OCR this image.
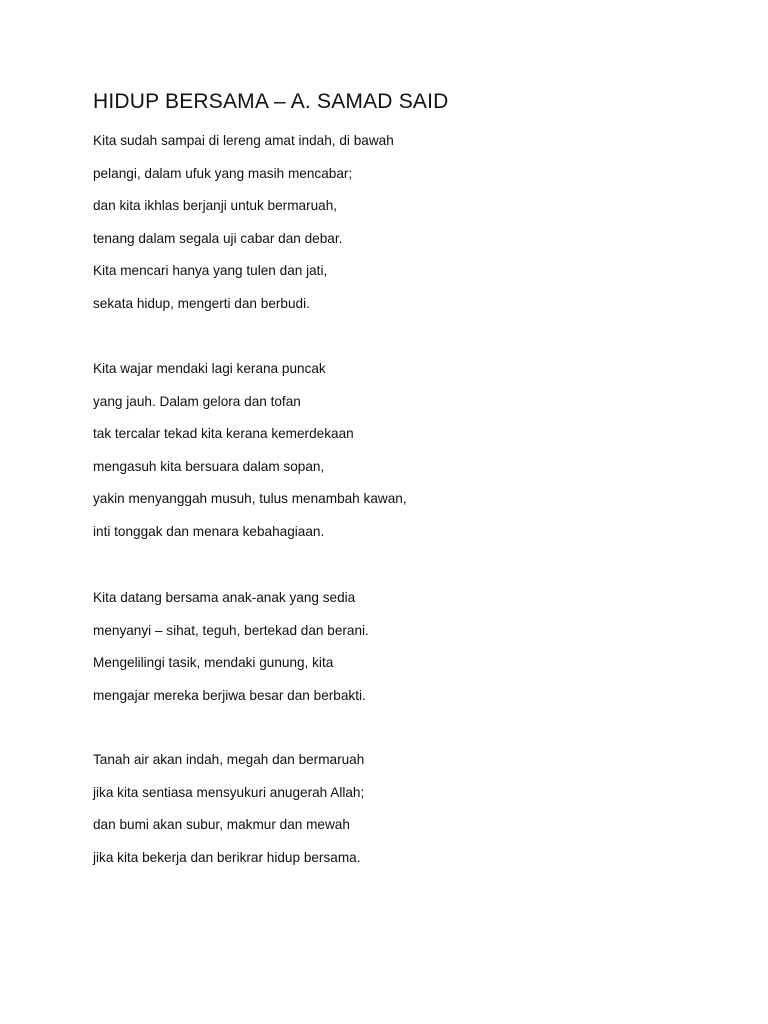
HIDUP BERSAMA – A. SAMAD SAID
Kita sudah sampai di lereng amat indah, di bawah
pelangi, dalam ufuk yang masih mencabar;
dan kita ikhlas berjanji untuk bermaruah,
tenang dalam segala uji cabar dan debar.
Kita mencari hanya yang tulen dan jati,
sekata hidup, mengerti dan berbudi.
Kita wajar mendaki lagi kerana puncak
yang jauh. Dalam gelora dan tofan
tak tercalar tekad kita kerana kemerdekaan
mengasuh kita bersuara dalam sopan,
yakin menyanggah musuh, tulus menambah kawan,
inti tonggak dan menara kebahagiaan.
Kita datang bersama anak-anak yang sedia
menyanyi – sihat, teguh, bertekad dan berani.
Mengelilingi tasik, mendaki gunung, kita
mengajar mereka berjiwa besar dan berbakti.
Tanah air akan indah, megah dan bermaruah
jika kita sentiasa mensyukuri anugerah Allah;
dan bumi akan subur, makmur dan mewah
jika kita bekerja dan berikrar hidup bersama.
